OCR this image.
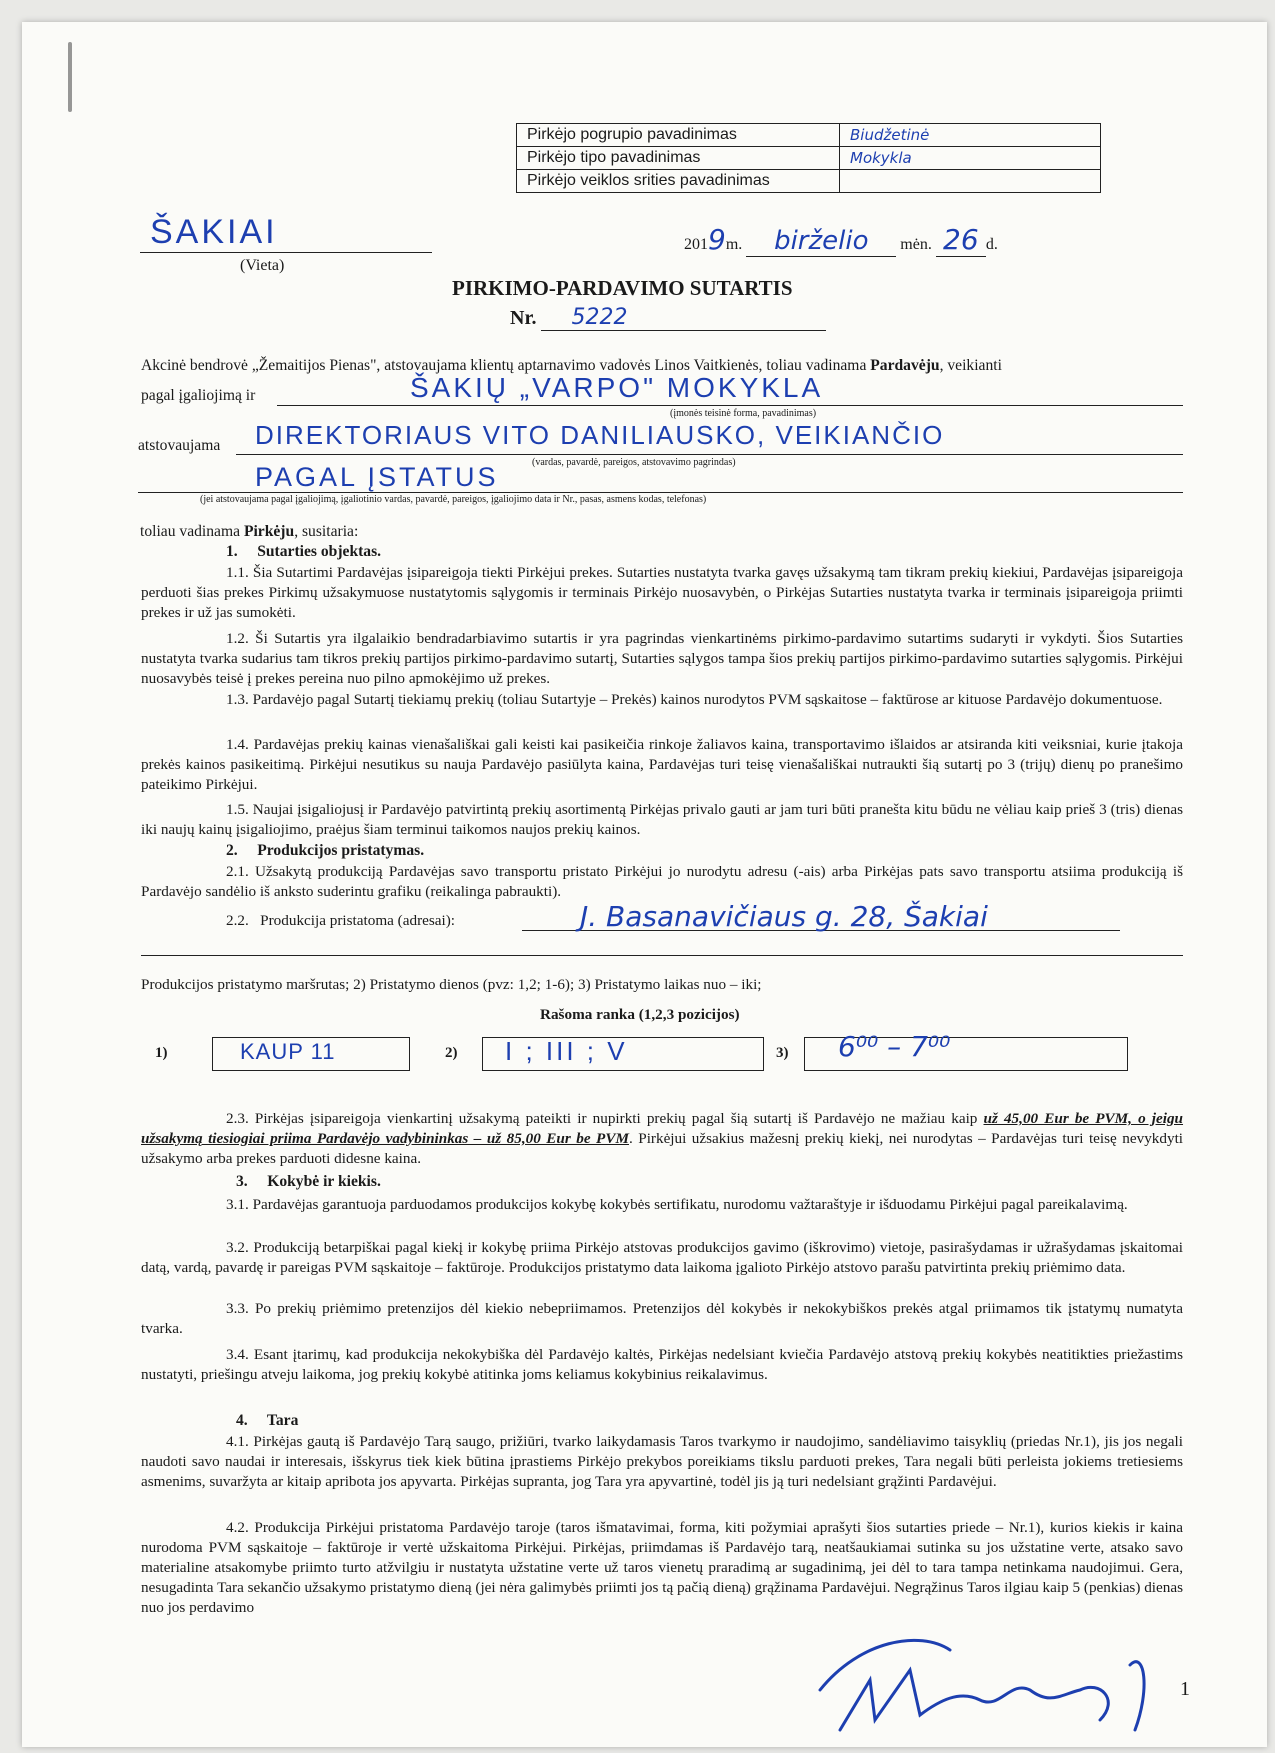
Pirkėjo pogrupio pavadinimas	Biudžetinė
Pirkėjo tipo pavadinimas	Mokykla
Pirkėjo veiklos srities pavadinimas	
ŠAKIAI
(Vieta)
2019m. birželio mėn. 26 d.
PIRKIMO-PARDAVIMO SUTARTIS
Nr. 5222

Akcinė bendrovė „Žemaitijos Pienas", atstovaujama klientų aptarnavimo vadovės Linos Vaitkienės, toliau vadinama Pardavėju, veikianti

pagal įgaliojimą ir	ŠAKIŲ „VARPO" MOKYKLA
(įmonės teisinė forma, pavadinimas)
atstovaujama DIREKTORIAUS VITO DANILIAUSKO, VEIKIANČIO
(vardas, pavardė, pareigos, atstovavimo pagrindas)
PAGAL ĮSTATUS
(jei atstovaujama pagal įgaliojimą, įgaliotinio vardas, pavardė, pareigos, įgaliojimo data ir Nr., pasas, asmens kodas, telefonas)
toliau vadinama Pirkėju, susitaria:
1.     Sutarties objektas.

1.1. Šia Sutartimi Pardavėjas įsipareigoja tiekti Pirkėjui prekes. Sutarties nustatyta tvarka gavęs užsakymą tam tikram prekių kiekiui, Pardavėjas įsipareigoja perduoti šias prekes Pirkimų užsakymuose nustatytomis sąlygomis ir terminais Pirkėjo nuosavybėn, o Pirkėjas Sutarties nustatyta tvarka ir terminais įsipareigoja priimti prekes ir už jas sumokėti.

1.2. Ši Sutartis yra ilgalaikio bendradarbiavimo sutartis ir yra pagrindas vienkartinėms pirkimo-pardavimo sutartims sudaryti ir vykdyti. Šios Sutarties nustatyta tvarka sudarius tam tikros prekių partijos pirkimo-pardavimo sutartį, Sutarties sąlygos tampa šios prekių partijos pirkimo-pardavimo sutarties sąlygomis. Pirkėjui nuosavybės teisė į prekes pereina nuo pilno apmokėjimo už prekes.

1.3. Pardavėjo pagal Sutartį tiekiamų prekių (toliau Sutartyje – Prekės) kainos nurodytos PVM sąskaitose – faktūrose ar kituose Pardavėjo dokumentuose.

1.4. Pardavėjas prekių kainas vienašališkai gali keisti kai pasikeičia rinkoje žaliavos kaina, transportavimo išlaidos ar atsiranda kiti veiksniai, kurie įtakoja prekės kainos pasikeitimą. Pirkėjui nesutikus su nauja Pardavėjo pasiūlyta kaina, Pardavėjas turi teisę vienašališkai nutraukti šią sutartį po 3 (trijų) dienų po pranešimo pateikimo Pirkėjui.

1.5. Naujai įsigaliojusį ir Pardavėjo patvirtintą prekių asortimentą Pirkėjas privalo gauti ar jam turi būti pranešta kitu būdu ne vėliau kaip prieš 3 (tris) dienas iki naujų kainų įsigaliojimo, praėjus šiam terminui taikomos naujos prekių kainos.

2.     Produkcijos pristatymas.

2.1. Užsakytą produkciją Pardavėjas savo transportu pristato Pirkėjui jo nurodytu adresu (-ais) arba Pirkėjas pats savo transportu atsiima produkciją iš Pardavėjo sandėlio iš anksto suderintu grafiku (reikalinga pabraukti).

2.2.   Produkcija pristatoma (adresai):	J. Basanavičiaus g. 28, Šakiai
Produkcijos pristatymo maršrutas; 2) Pristatymo dienos (pvz: 1,2; 1-6); 3) Pristatymo laikas nuo – iki;
Rašoma ranka (1,2,3 pozicijos)
1)	KAUP 11	2) I ; III ; V	3) 6⁰⁰ – 7⁰⁰

2.3. Pirkėjas įsipareigoja vienkartinį užsakymą pateikti ir nupirkti prekių pagal šią sutartį iš Pardavėjo ne mažiau kaip už 45,00 Eur be PVM, o jeigu užsakymą tiesiogiai priima Pardavėjo vadybininkas – už 85,00 Eur be PVM. Pirkėjui užsakius mažesnį prekių kiekį, nei nurodytas – Pardavėjas turi teisę nevykdyti užsakymo arba prekes parduoti didesne kaina.

3.     Kokybė ir kiekis.

3.1. Pardavėjas garantuoja parduodamos produkcijos kokybę kokybės sertifikatu, nurodomu važtaraštyje ir išduodamu Pirkėjui pagal pareikalavimą.

3.2. Produkciją betarpiškai pagal kiekį ir kokybę priima Pirkėjo atstovas produkcijos gavimo (iškrovimo) vietoje, pasirašydamas ir užrašydamas įskaitomai datą, vardą, pavardę ir pareigas PVM sąskaitoje – faktūroje. Produkcijos pristatymo data laikoma įgalioto Pirkėjo atstovo parašu patvirtinta prekių priėmimo data.

3.3. Po prekių priėmimo pretenzijos dėl kiekio nebepriimamos. Pretenzijos dėl kokybės ir nekokybiškos prekės atgal priimamos tik įstatymų numatyta tvarka.

3.4. Esant įtarimų, kad produkcija nekokybiška dėl Pardavėjo kaltės, Pirkėjas nedelsiant kviečia Pardavėjo atstovą prekių kokybės neatitikties priežastims nustatyti, priešingu atveju laikoma, jog prekių kokybė atitinka joms keliamus kokybinius reikalavimus.

4.     Tara

4.1. Pirkėjas gautą iš Pardavėjo Tarą saugo, prižiūri, tvarko laikydamasis Taros tvarkymo ir naudojimo, sandėliavimo taisyklių (priedas Nr.1), jis jos negali naudoti savo naudai ir interesais, išskyrus tiek kiek būtina įprastiems Pirkėjo prekybos poreikiams tikslu parduoti prekes, Tara negali būti perleista jokiems tretiesiems asmenims, suvaržyta ar kitaip apribota jos apyvarta. Pirkėjas supranta, jog Tara yra apyvartinė, todėl jis ją turi nedelsiant grąžinti Pardavėjui.

4.2. Produkcija Pirkėjui pristatoma Pardavėjo taroje (taros išmatavimai, forma, kiti požymiai aprašyti šios sutarties priede – Nr.1), kurios kiekis ir kaina nurodoma PVM sąskaitoje – faktūroje ir vertė užskaitoma Pirkėjui. Pirkėjas, priimdamas iš Pardavėjo tarą, neatšaukiamai sutinka su jos užstatine verte, atsako savo materialine atsakomybe priimto turto atžvilgiu ir nustatyta užstatine verte už taros vienetų praradimą ar sugadinimą, jei dėl to tara tampa netinkama naudojimui. Gera, nesugadinta Tara sekančio užsakymo pristatymo dieną (jei nėra galimybės priimti jos tą pačią dieną) grąžinama Pardavėjui. Negrąžinus Taros ilgiau kaip 5 (penkias) dienas nuo jos perdavimo

1
